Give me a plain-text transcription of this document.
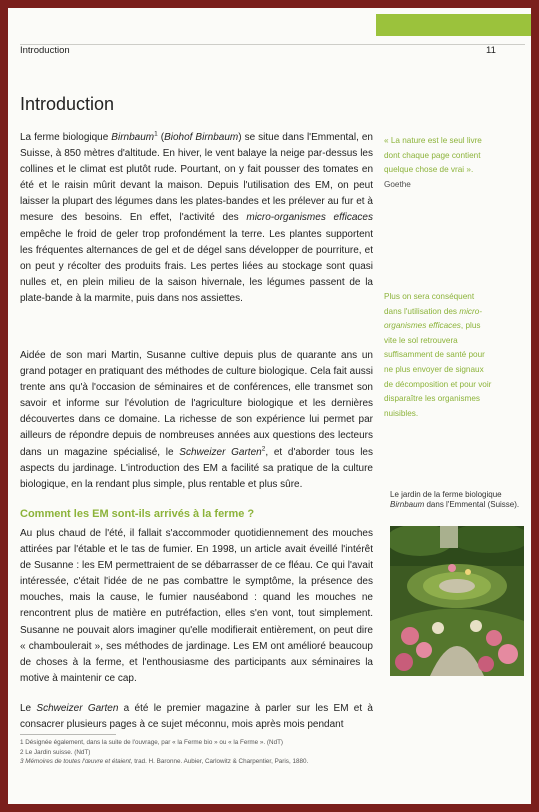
Introduction	11
Introduction

La ferme biologique Birnbaum$^1$ (Biohof Birnbaum) se situe dans l'Emmental, en Suisse, à 850 mètres d'altitude. En hiver, le vent balaye la neige par-dessus les collines et le climat est plutôt rude. Pourtant, on y fait pousser des tomates en été et le raisin mûrit devant la maison. Depuis l'utilisation des EM, on peut laisser la plupart des légumes dans les plates-bandes et les prélever au fur et à mesure des besoins. En effet, l'activité des micro-organismes efficaces empêche le froid de geler trop profondément la terre. Les plantes supportent les fréquentes alternances de gel et de dégel sans développer de pourriture, et on peut y récolter des produits frais. Les pertes liées au stockage sont quasi nulles et, en plein milieu de la saison hivernale, les légumes passent de la plate-bande à la marmite, puis dans nos assiettes.

Aidée de son mari Martin, Susanne cultive depuis plus de quarante ans un grand potager en pratiquant des méthodes de culture biologique. Cela fait aussi trente ans qu'à l'occasion de séminaires et de conférences, elle transmet son savoir et informe sur l'évolution de l'agriculture biologique et les dernières découvertes dans ce domaine. La richesse de son expérience lui permet par ailleurs de répondre depuis de nombreuses années aux questions des lecteurs dans un magazine spécialisé, le Schweizer Garten$^2$, et d'aborder tous les aspects du jardinage. L'introduction des EM a facilité sa pratique de la culture biologique, en la rendant plus simple, plus rentable et plus sûre.

Comment les EM sont-ils arrivés à la ferme ?

Au plus chaud de l'été, il fallait s'accommoder quotidiennement des mouches attirées par l'étable et le tas de fumier. En 1998, un article avait éveillé l'intérêt de Susanne : les EM permettraient de se débarrasser de ce fléau. Ce qui l'avait intéressée, c'était l'idée de ne pas combattre le symptôme, la présence des mouches, mais la cause, le fumier nauséabond : quand les mouches ne rencontrent plus de matière en putréfaction, elles s'en vont, tout simplement. Susanne ne pouvait alors imaginer qu'elle modifierait entièrement, on peut dire « chamboulerait », ses méthodes de jardinage. Les EM ont amélioré beaucoup de choses à la ferme, et l'enthousiasme des participants aux séminaires la motive à maintenir ce cap.

Le Schweizer Garten a été le premier magazine à parler sur les EM et à consacrer plusieurs pages à ce sujet méconnu, mois après mois pendant

« La nature est le seul livre dont chaque page contient quelque chose de vrai ». Goethe
Plus on sera conséquent dans l'utilisation des micro-organismes efficaces, plus vite le sol retrouvera suffisamment de santé pour ne plus envoyer de signaux de décomposition et pour voir disparaître les organismes nuisibles.
Le jardin de la ferme biologique Birnbaum dans l'Emmental (Suisse).
1 Désignée également, dans la suite de l'ouvrage, par « la Ferme bio » ou « la Ferme ». (NdT)
2 Le Jardin suisse. (NdT)
3 Mémoires de toutes l'œuvre et étaient, trad. H. Baronne. Aubier, Carlowitz & Charpentier, Paris, 1880.
